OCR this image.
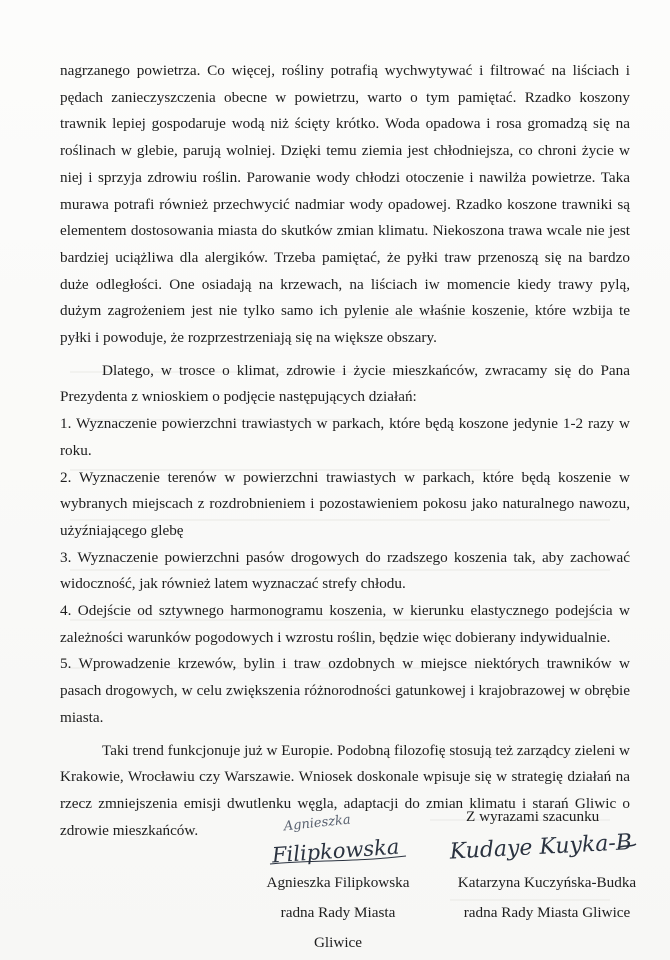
nagrzanego powietrza. Co więcej, rośliny potrafią wychwytywać i filtrować na liściach i pędach zanieczyszczenia obecne w powietrzu, warto o tym pamiętać. Rzadko koszony trawnik lepiej gospodaruje wodą niż ścięty krótko. Woda opadowa i rosa gromadzą się na roślinach w glebie, parują wolniej. Dzięki temu ziemia jest chłodniejsza, co chroni życie w niej i sprzyja zdrowiu roślin. Parowanie wody chłodzi otoczenie i nawilża powietrze. Taka murawa potrafi również przechwycić nadmiar wody opadowej. Rzadko koszone trawniki są elementem dostosowania miasta do skutków zmian klimatu. Niekoszona trawa wcale nie jest bardziej uciążliwa dla alergików. Trzeba pamiętać, że pyłki traw przenoszą się na bardzo duże odległości. One osiadają na krzewach, na liściach iw momencie kiedy trawy pylą, dużym zagrożeniem jest nie tylko samo ich pylenie ale właśnie koszenie, które wzbija te pyłki i powoduje, że rozprzestrzeniają się na większe obszary.

Dlatego, w trosce o klimat, zdrowie i życie mieszkańców, zwracamy się do Pana Prezydenta z wnioskiem o podjęcie następujących działań:

1. Wyznaczenie powierzchni trawiastych w parkach, które będą koszone jedynie 1-2 razy w roku.

2. Wyznaczenie terenów w powierzchni trawiastych w parkach, które będą koszenie w wybranych miejscach z rozdrobnieniem i pozostawieniem pokosu jako naturalnego nawozu, użyźniającego glebę

3. Wyznaczenie powierzchni pasów drogowych do rzadszego koszenia tak, aby zachować widoczność, jak również latem wyznaczać strefy chłodu.

4. Odejście od sztywnego harmonogramu koszenia, w kierunku elastycznego podejścia w zależności warunków pogodowych i wzrostu roślin, będzie więc dobierany indywidualnie.

5. Wprowadzenie krzewów, bylin i traw ozdobnych w miejsce niektórych trawników w pasach drogowych, w celu zwiększenia różnorodności gatunkowej i krajobrazowej w obrębie miasta.

Taki trend funkcjonuje już w Europie. Podobną filozofię stosują też zarządcy zieleni w Krakowie, Wrocławiu czy Warszawie. Wniosek doskonale wpisuje się w strategię działań na rzecz zmniejszenia emisji dwutlenku węgla, adaptacji do zmian klimatu i starań Gliwic o zdrowie mieszkańców.

Z wyrazami szacunku
Agnieszka
Filipkowska Kudaye Kuyka-B
Agnieszka Filipkowska
radna Rady Miasta Gliwice
Katarzyna Kuczyńska-Budka
radna Rady Miasta Gliwice
